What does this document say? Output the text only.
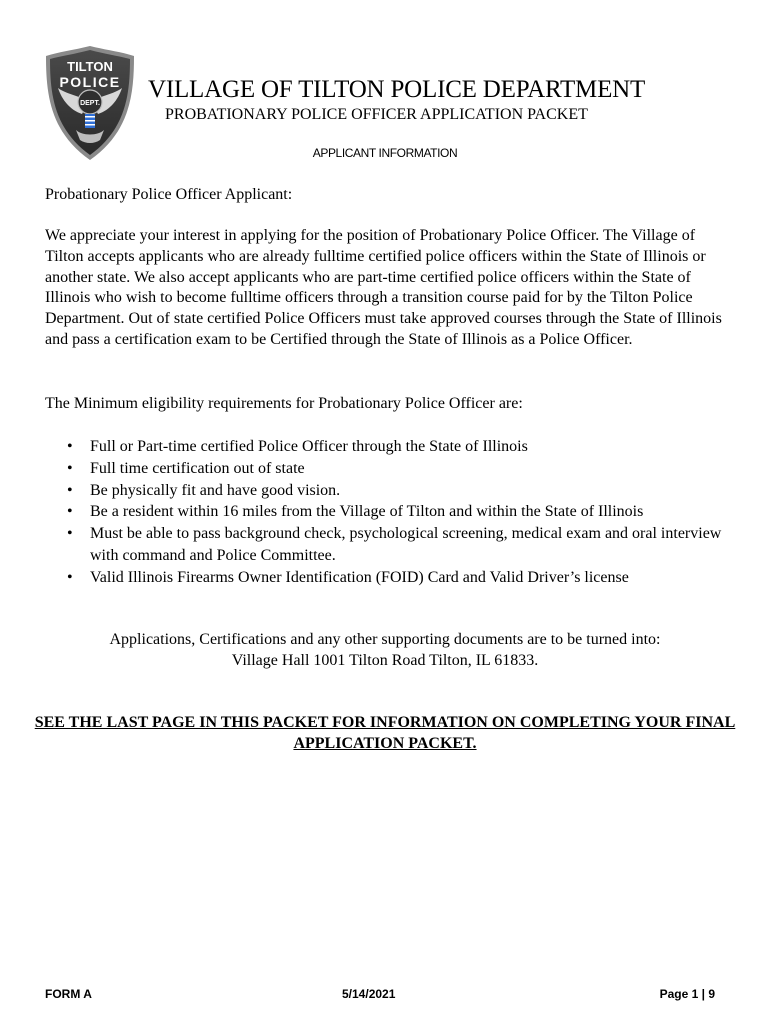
TILTON
POLICE
DEPT.
VILLAGE OF TILTON POLICE DEPARTMENT
PROBATIONARY POLICE OFFICER APPLICATION PACKET
APPLICANT INFORMATION
Probationary Police Officer Applicant:
We appreciate your interest in applying for the position of Probationary Police Officer. The Village of Tilton accepts applicants who are already fulltime certified police officers within the State of Illinois or another state. We also accept applicants who are part-time certified police officers within the State of Illinois who wish to become fulltime officers through a transition course paid for by the Tilton Police Department. Out of state certified Police Officers must take approved courses through the State of Illinois and pass a certification exam to be Certified through the State of Illinois as a Police Officer.
The Minimum eligibility requirements for Probationary Police Officer are:
• Full or Part-time certified Police Officer through the State of Illinois
• Full time certification out of state
• Be physically fit and have good vision.
• Be a resident within 16 miles from the Village of Tilton and within the State of Illinois
• Must be able to pass background check, psychological screening, medical exam and oral interview with command and Police Committee.
• Valid Illinois Firearms Owner Identification (FOID) Card and Valid Driver’s license
Applications, Certifications and any other supporting documents are to be turned into:
Village Hall 1001 Tilton Road Tilton, IL 61833.
SEE THE LAST PAGE IN THIS PACKET FOR INFORMATION ON COMPLETING YOUR FINAL APPLICATION PACKET.
FORM A	5/14/2021	Page 1 | 9
